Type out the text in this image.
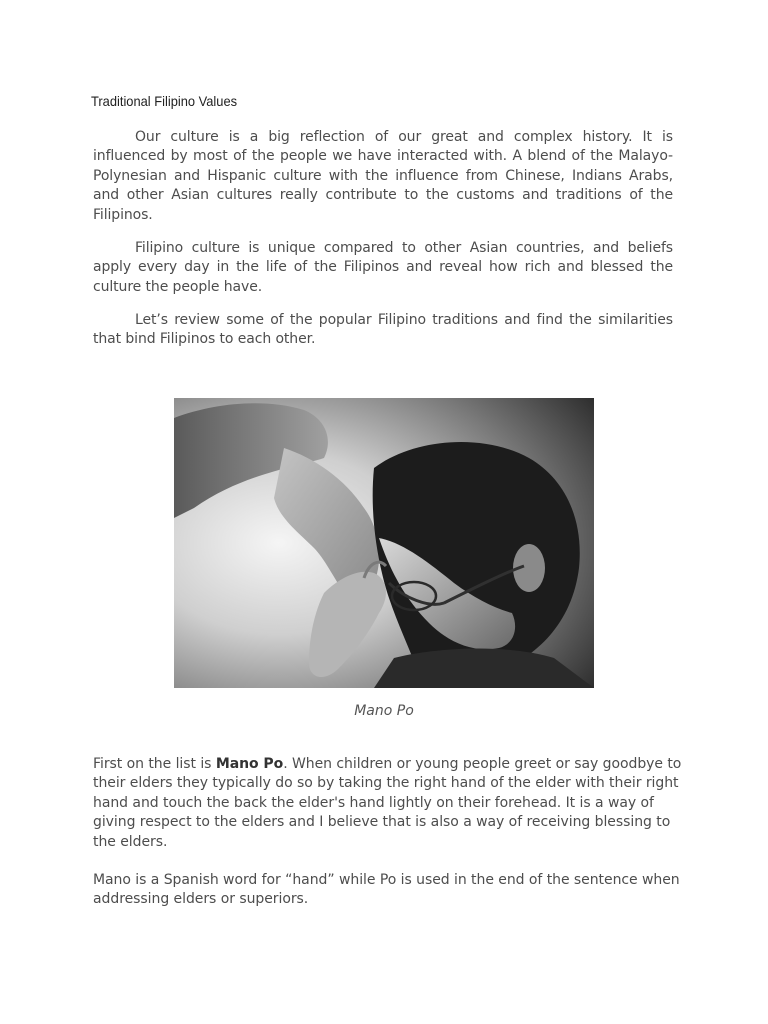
Traditional Filipino Values

Our culture is a big reflection of our great and complex history. It is influenced by most of the people we have interacted with. A blend of the Malayo-Polynesian and Hispanic culture with the influence from Chinese, Indians Arabs, and other Asian cultures really contribute to the customs and traditions of the Filipinos.

Filipino culture is unique compared to other Asian countries, and beliefs apply every day in the life of the Filipinos and reveal how rich and blessed the culture the people have.

Let’s review some of the popular Filipino traditions and find the similarities that bind Filipinos to each other.

Mano Po

First on the list is Mano Po. When children or young people greet or say goodbye to their elders they typically do so by taking the right hand of the elder with their right hand and touch the back the elder's hand lightly on their forehead. It is a way of giving respect to the elders and I believe that is also a way of receiving blessing to the elders.

Mano is a Spanish word for “hand” while Po is used in the end of the sentence when addressing elders or superiors.
